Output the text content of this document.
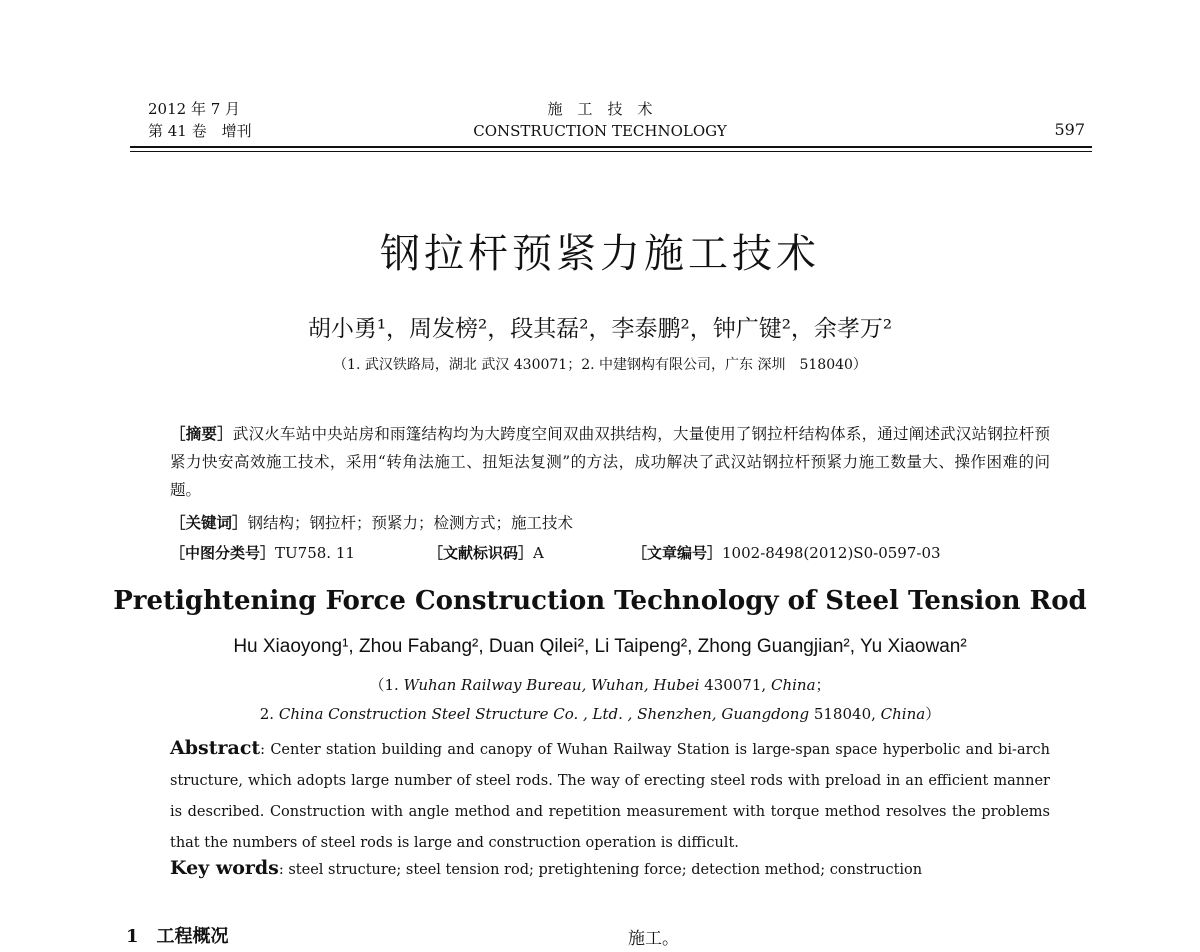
2012 年 7 月
第 41 卷　增刊
施　工　技　术
CONSTRUCTION TECHNOLOGY	597
钢拉杆预紧力施工技术
胡小勇¹，周发榜²，段其磊²，李泰鹏²，钟广键²，余孝万²
（1. 武汉铁路局，湖北 武汉 430071；2. 中建钢构有限公司，广东 深圳　518040）
［摘要］武汉火车站中央站房和雨篷结构均为大跨度空间双曲双拱结构，大量使用了钢拉杆结构体系，通过阐述武汉站钢拉杆预紧力快安高效施工技术，采用“转角法施工、扭矩法复测”的方法，成功解决了武汉站钢拉杆预紧力施工数量大、操作困难的问题。
［关键词］钢结构；钢拉杆；预紧力；检测方式；施工技术
［中图分类号］TU758. 11	［文献标识码］A	［文章编号］1002-8498(2012)S0-0597-03
Pretightening Force Construction Technology of Steel Tension Rod
Hu Xiaoyong¹, Zhou Fabang², Duan Qilei², Li Taipeng², Zhong Guangjian², Yu Xiaowan²
（1. Wuhan Railway Bureau, Wuhan, Hubei 430071, China；
2. China Construction Steel Structure Co. , Ltd. , Shenzhen, Guangdong 518040, China）
Abstract: Center station building and canopy of Wuhan Railway Station is large-span space hyperbolic and bi-arch structure, which adopts large number of steel rods. The way of erecting steel rods with preload in an efficient manner is described. Construction with angle method and repetition measurement with torque method resolves the problems that the numbers of steel rods is large and construction operation is difficult.
Key words: steel structure; steel tension rod; pretightening force; detection method; construction
1 工程概况	施工。
